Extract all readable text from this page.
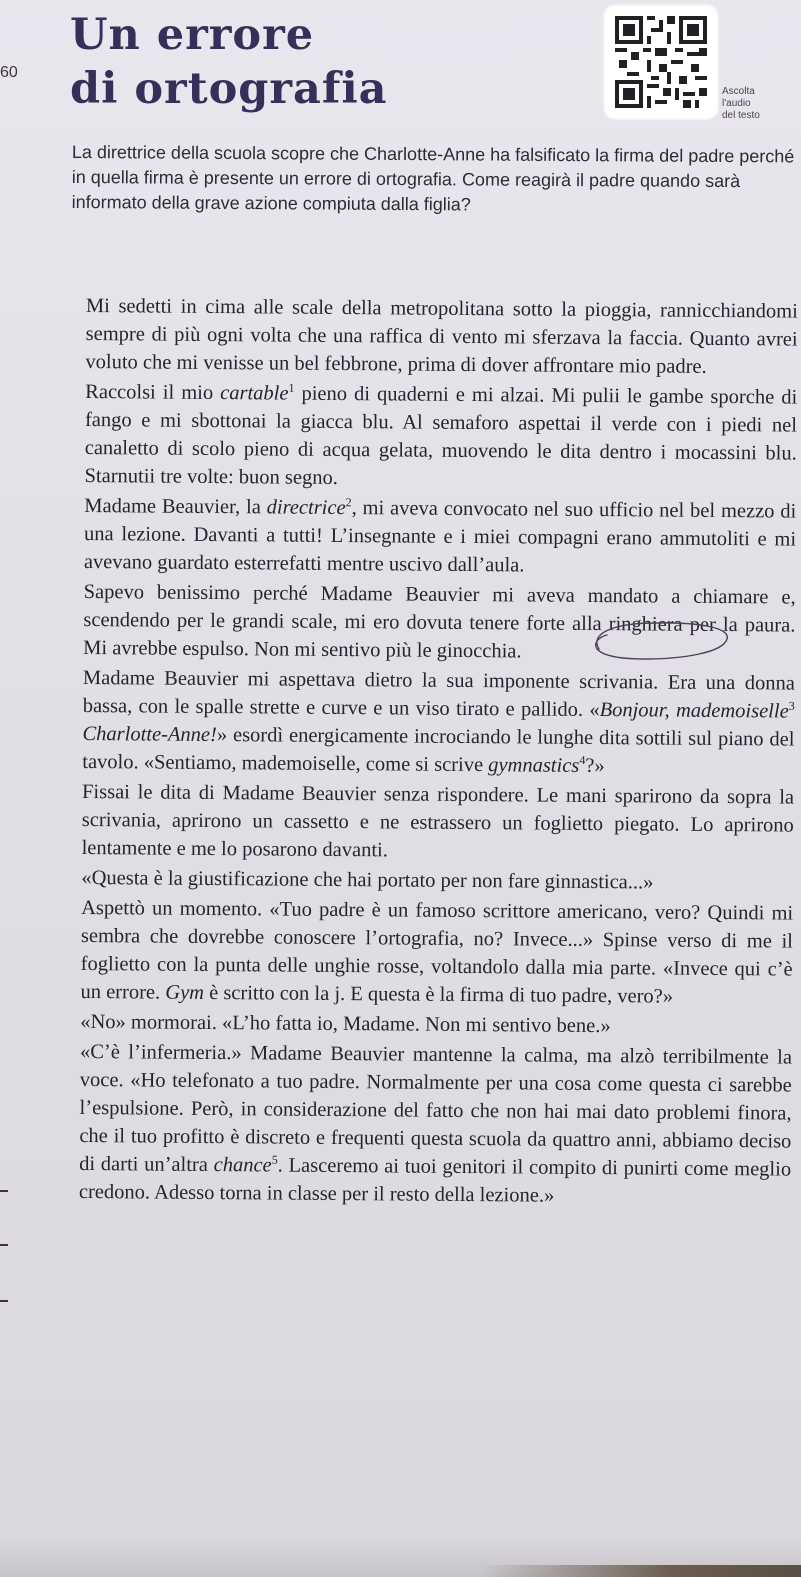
60
Un errore
di ortografia	Ascolta
l'audio
del testo

La direttrice della scuola scopre che Charlotte-Anne ha falsificato la firma del padre perché in quella firma è presente un errore di ortografia. Come reagirà il padre quando sarà informato della grave azione compiuta dalla figlia?

Mi sedetti in cima alle scale della metropolitana sotto la pioggia, rannicchiandomi sempre di più ogni volta che una raffica di vento mi sferzava la faccia. Quanto avrei voluto che mi venisse un bel febbrone, prima di dover affrontare mio padre.

Raccolsi il mio cartable$^1$ pieno di quaderni e mi alzai. Mi pulii le gambe sporche di fango e mi sbottonai la giacca blu. Al semaforo aspettai il verde con i piedi nel canaletto di scolo pieno di acqua gelata, muovendo le dita dentro i mocassini blu. Starnutii tre volte: buon segno.

Madame Beauvier, la directrice$^2$, mi aveva convocato nel suo ufficio nel bel mezzo di una lezione. Davanti a tutti! L’insegnante e i miei compagni erano ammutoliti e mi avevano guardato esterrefatti mentre uscivo dall’aula.

Sapevo benissimo perché Madame Beauvier mi aveva mandato a chiamare e, scendendo per le grandi scale, mi ero dovuta tenere forte alla ringhiera per la paura. Mi avrebbe espulso. Non mi sentivo più le ginocchia.

Madame Beauvier mi aspettava dietro la sua imponente scrivania. Era una donna bassa, con le spalle strette e curve e un viso tirato e pallido. «Bonjour, mademoiselle$^3$ Charlotte-Anne!» esordì energicamente incrociando le lunghe dita sottili sul piano del tavolo. «Sentiamo, mademoiselle, come si scrive gymnastics$^4$?»

Fissai le dita di Madame Beauvier senza rispondere. Le mani sparirono da sopra la scrivania, aprirono un cassetto e ne estrassero un foglietto piegato. Lo aprirono lentamente e me lo posarono davanti.

«Questa è la giustificazione che hai portato per non fare ginnastica...»

Aspettò un momento. «Tuo padre è un famoso scrittore americano, vero? Quindi mi sembra che dovrebbe conoscere l’ortografia, no? Invece...» Spinse verso di me il foglietto con la punta delle unghie rosse, voltandolo dalla mia parte. «Invece qui c’è un errore. Gym è scritto con la j. E questa è la firma di tuo padre, vero?»

«No» mormorai. «L’ho fatta io, Madame. Non mi sentivo bene.»

«C’è l’infermeria.» Madame Beauvier mantenne la calma, ma alzò terribilmente la voce. «Ho telefonato a tuo padre. Normalmente per una cosa come questa ci sarebbe l’espulsione. Però, in considerazione del fatto che non hai mai dato problemi finora, che il tuo profitto è discreto e frequenti questa scuola da quattro anni, abbiamo deciso di darti un’altra chance$^5$. Lasceremo ai tuoi genitori il compito di punirti come meglio credono. Adesso torna in classe per il resto della lezione.»
